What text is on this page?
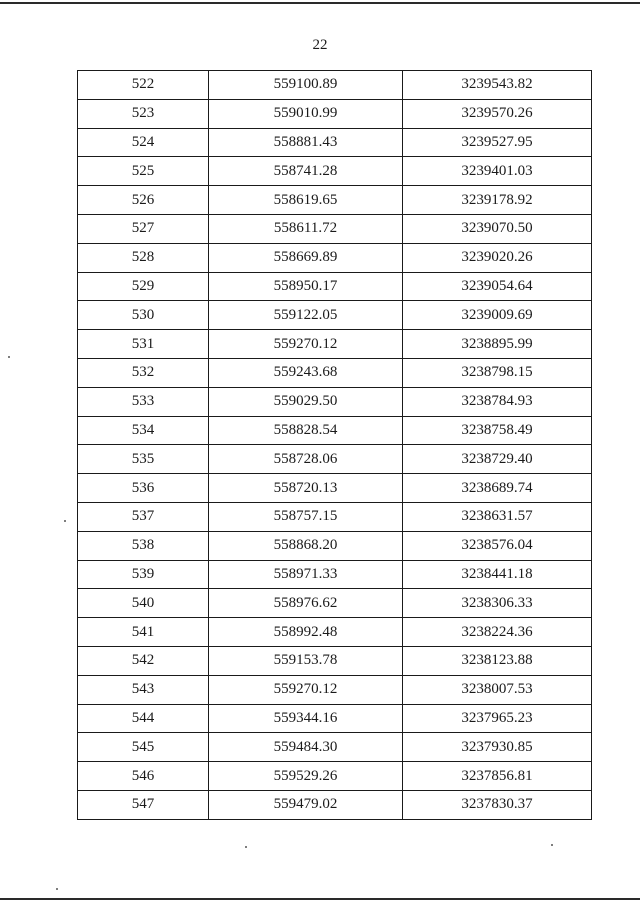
22
522	559100.89	3239543.82
523	559010.99	3239570.26
524	558881.43	3239527.95
525	558741.28	3239401.03
526	558619.65	3239178.92
527	558611.72	3239070.50
528	558669.89	3239020.26
529	558950.17	3239054.64
530	559122.05	3239009.69
531	559270.12	3238895.99
532	559243.68	3238798.15
533	559029.50	3238784.93
534	558828.54	3238758.49
535	558728.06	3238729.40
536	558720.13	3238689.74
537	558757.15	3238631.57
538	558868.20	3238576.04
539	558971.33	3238441.18
540	558976.62	3238306.33
541	558992.48	3238224.36
542	559153.78	3238123.88
543	559270.12	3238007.53
544	559344.16	3237965.23
545	559484.30	3237930.85
546	559529.26	3237856.81
547	559479.02	3237830.37
